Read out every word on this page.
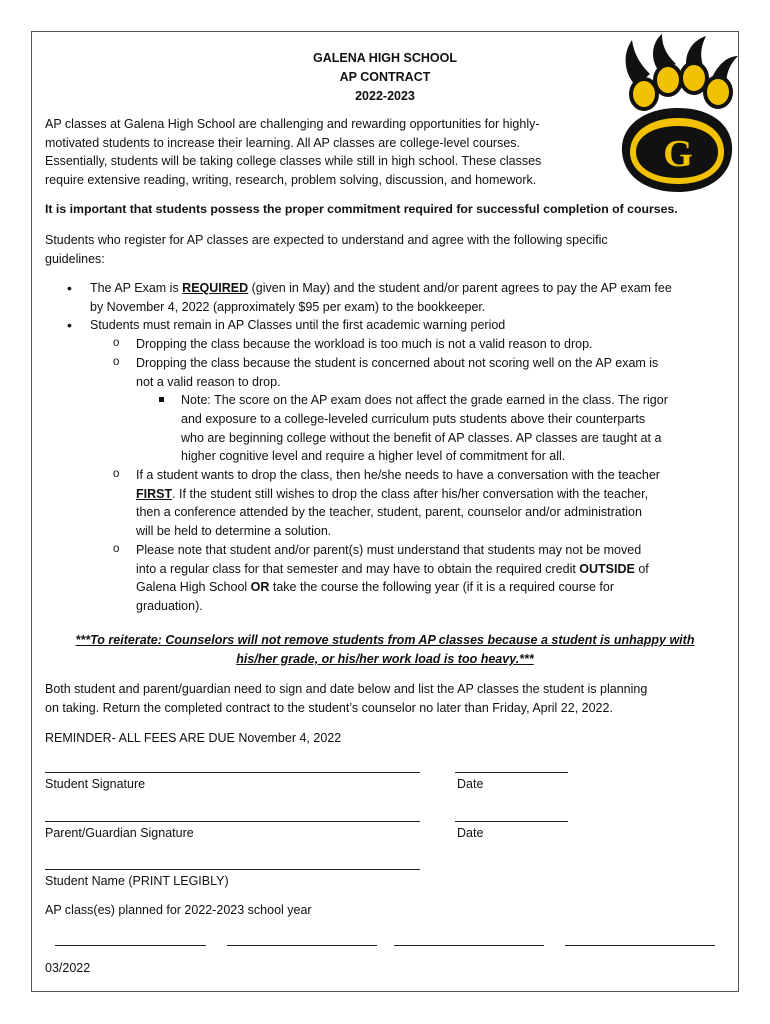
GALENA HIGH SCHOOL
AP CONTRACT
2022-2023
G
AP classes at Galena High School are challenging and rewarding opportunities for highly-
motivated students to increase their learning. All AP classes are college-level courses.
Essentially, students will be taking college classes while still in high school. These classes
require extensive reading, writing, research, problem solving, discussion, and homework.
It is important that students possess the proper commitment required for successful completion of courses.
Students who register for AP classes are expected to understand and agree with the following specific
guidelines:
• The AP Exam is REQUIRED (given in May) and the student and/or parent agrees to pay the AP exam fee
by November 4, 2022 (approximately $95 per exam) to the bookkeeper.
• Students must remain in AP Classes until the first academic warning period
o Dropping the class because the workload is too much is not a valid reason to drop.
o Dropping the class because the student is concerned about not scoring well on the AP exam is
not a valid reason to drop.
Note: The score on the AP exam does not affect the grade earned in the class. The rigor
and exposure to a college-leveled curriculum puts students above their counterparts
who are beginning college without the benefit of AP classes. AP classes are taught at a
higher cognitive level and require a higher level of commitment for all.
o If a student wants to drop the class, then he/she needs to have a conversation with the teacher
FIRST. If the student still wishes to drop the class after his/her conversation with the teacher,
then a conference attended by the teacher, student, parent, counselor and/or administration
will be held to determine a solution.
o Please note that student and/or parent(s) must understand that students may not be moved
into a regular class for that semester and may have to obtain the required credit OUTSIDE of
Galena High School OR take the course the following year (if it is a required course for
graduation).
***To reiterate: Counselors will not remove students from AP classes because a student is unhappy with
his/her grade, or his/her work load is too heavy.***
Both student and parent/guardian need to sign and date below and list the AP classes the student is planning
on taking. Return the completed contract to the student’s counselor no later than Friday, April 22, 2022.
REMINDER- ALL FEES ARE DUE November 4, 2022
Student Signature	Date
Parent/Guardian Signature	Date
Student Name (PRINT LEGIBLY)
AP class(es) planned for 2022-2023 school year
03/2022
